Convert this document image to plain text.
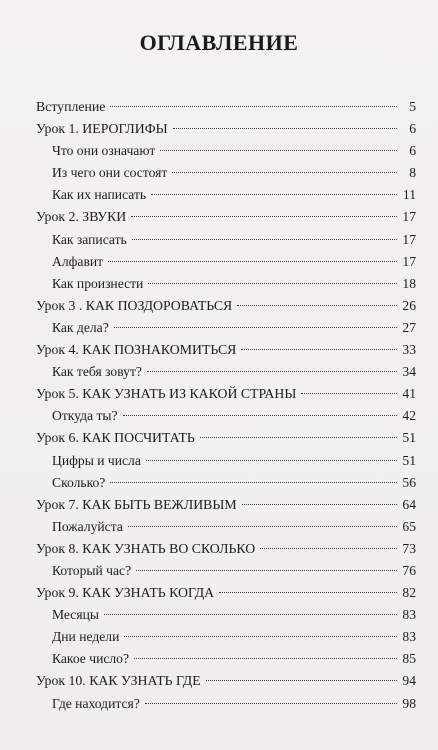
ОГЛАВЛЕНИЕ
Вступление	5
Урок 1. ИЕРОГЛИФЫ	6
Что они означают	6
Из чего они состоят	8
Как их написать	11
Урок 2. ЗВУКИ	17
Как записать	17
Алфавит	17
Как произнести	18
Урок 3 . КАК ПОЗДОРОВАТЬСЯ	26
Как дела?	27
Урок 4. КАК ПОЗНАКОМИТЬСЯ	33
Как тебя зовут?	34
Урок 5. КАК УЗНАТЬ ИЗ КАКОЙ СТРАНЫ	41
Откуда ты?	42
Урок 6. КАК ПОСЧИТАТЬ	51
Цифры и числа	51
Сколько?	56
Урок 7. КАК БЫТЬ ВЕЖЛИВЫМ	64
Пожалуйста	65
Урок 8. КАК УЗНАТЬ ВО СКОЛЬКО	73
Который час?	76
Урок 9. КАК УЗНАТЬ КОГДА	82
Месяцы	83
Дни недели	83
Какое число?	85
Урок 10. КАК УЗНАТЬ ГДЕ	94
Где находится?	98
